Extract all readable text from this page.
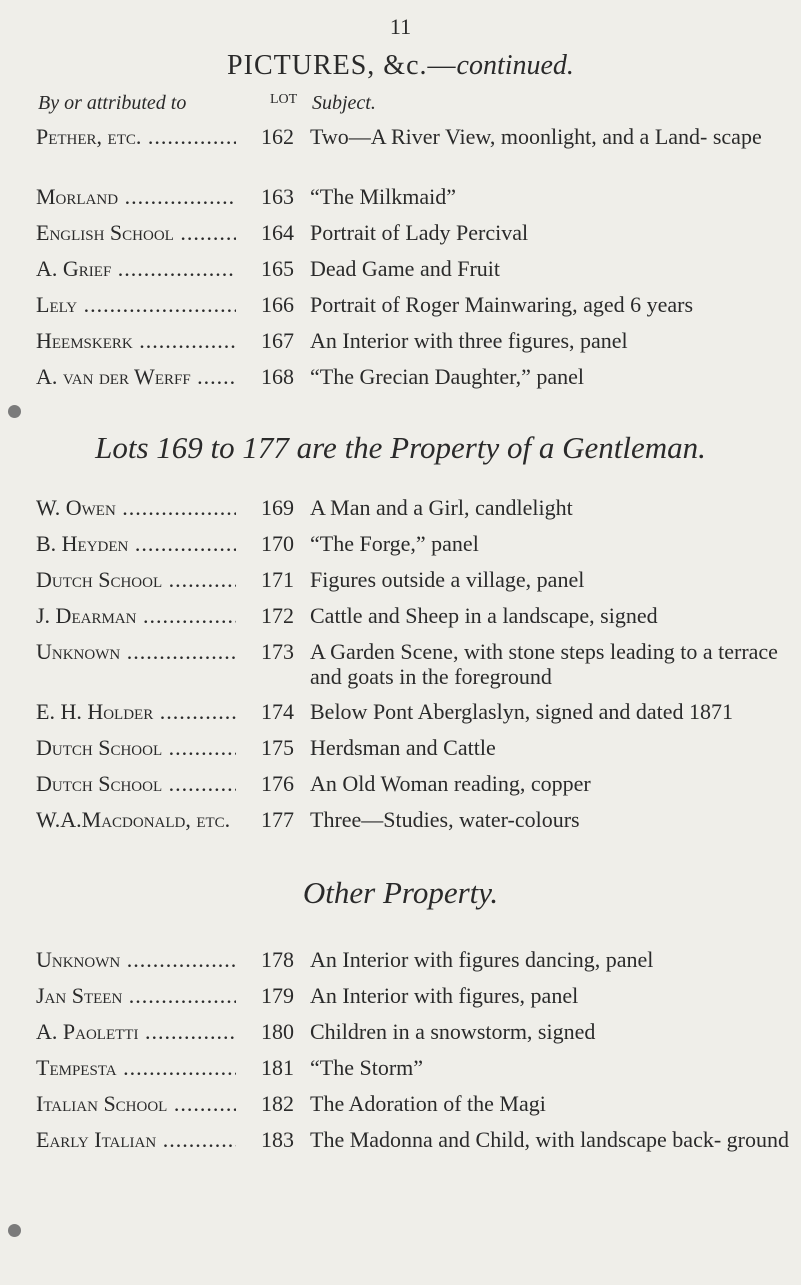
11
PICTURES, &c.—continued.
By or attributed to	LOT Subject.
Pether, etc. .....	162 Two—A River View, moonlight, and a Land- scape
Morland .....	163 “The Milkmaid”
English School .....	164 Portrait of Lady Percival
A. Grief .....	165 Dead Game and Fruit
Lely .....	166 Portrait of Roger Mainwaring, aged 6 years
Heemskerk .....	167 An Interior with three figures, panel
A. van der Werff .....	168 “The Grecian Daughter,” panel
Lots 169 to 177 are the Property of a Gentleman.
W. Owen .....	169 A Man and a Girl, candlelight
B. Heyden .....	170 “The Forge,” panel
Dutch School .....	171 Figures outside a village, panel
J. Dearman .....	172 Cattle and Sheep in a landscape, signed
Unknown .....	173 A Garden Scene, with stone steps leading to a terrace and goats in the foreground
E. H. Holder .....	174 Below Pont Aberglaslyn, signed and dated 1871
Dutch School .....	175 Herdsman and Cattle
Dutch School .....	176 An Old Woman reading, copper
W.A.Macdonald, etc. .....	177 Three—Studies, water-colours
Other Property.
Unknown .....	178 An Interior with figures dancing, panel
Jan Steen .....	179 An Interior with figures, panel
A. Paoletti .....	180 Children in a snowstorm, signed
Tempesta .....	181 “The Storm”
Italian School .....	182 The Adoration of the Magi
Early Italian .....	183 The Madonna and Child, with landscape back- ground
